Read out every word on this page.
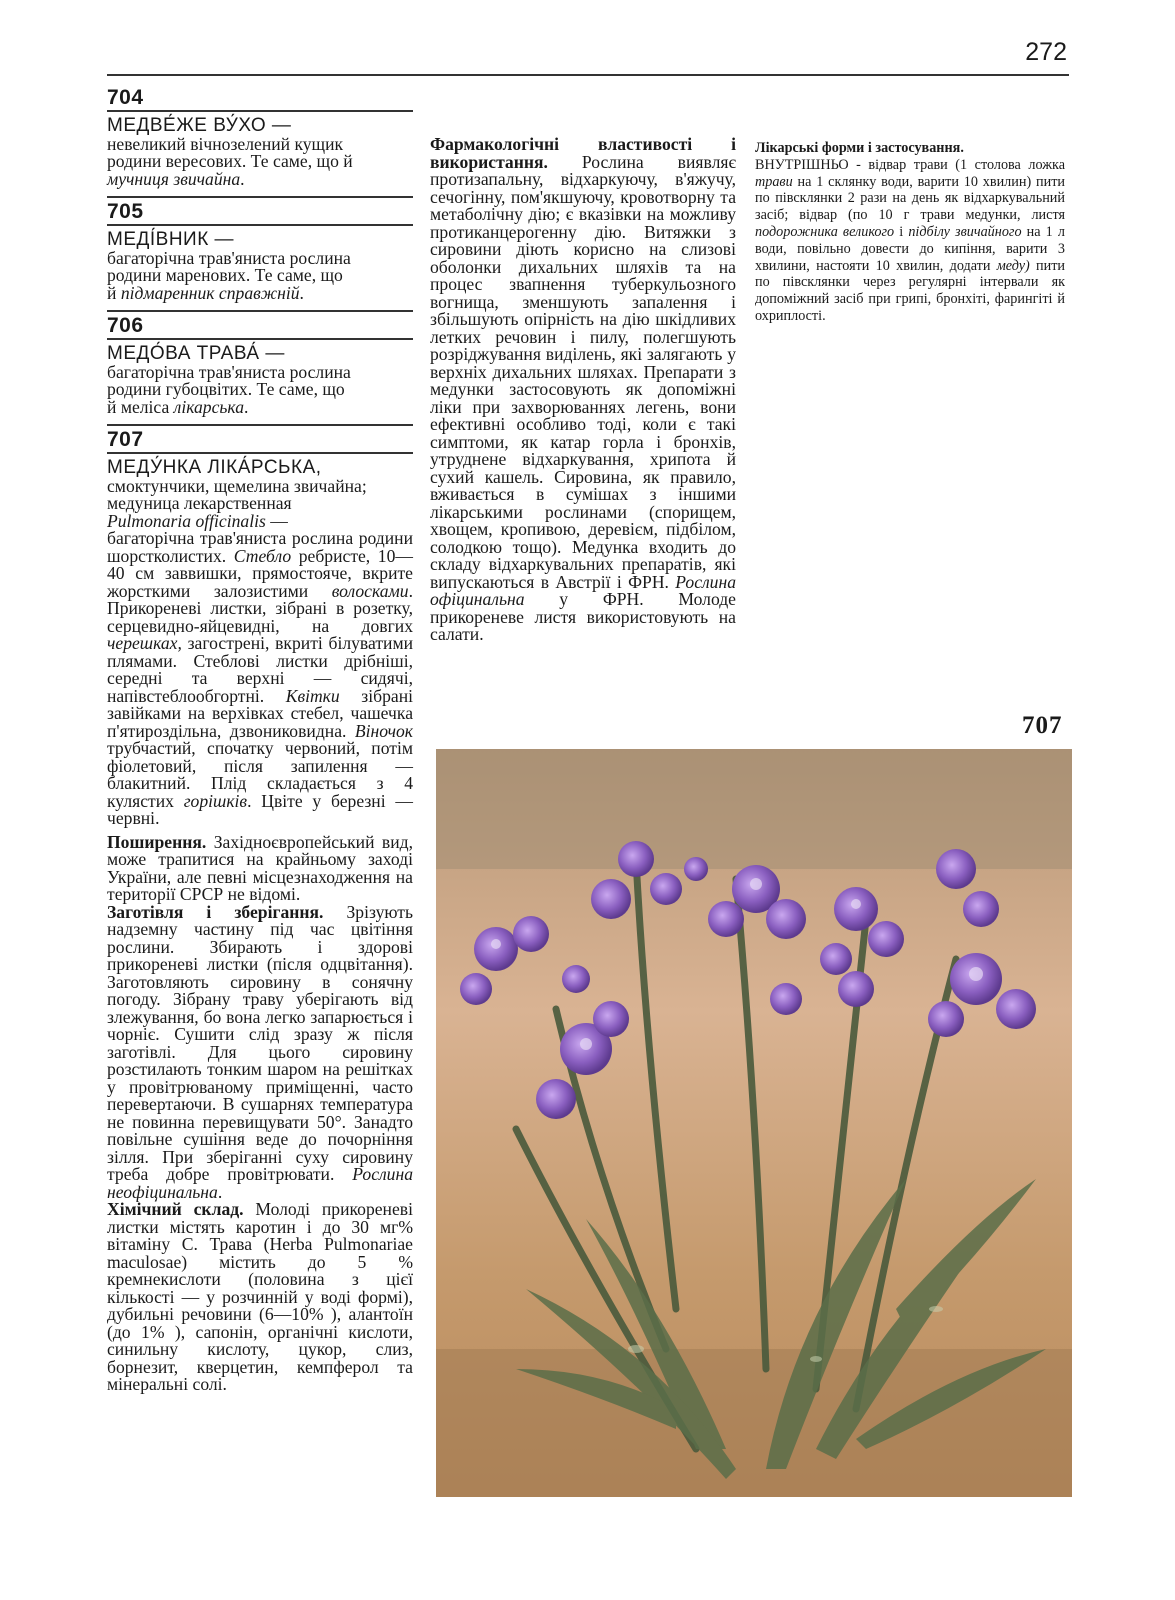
272
704
МЕДВЕ́ЖЕ ВУ́ХО —

невеликий вічнозелений кущик

родини вересових. Те саме, що й

мучниця звичайна.

705
МЕДІ́ВНИК —

багаторічна трав'яниста рослина

родини маренових. Те саме, що

й підмаренник справжній.

706
МЕДО́ВА ТРАВА́ —

багаторічна трав'яниста рослина

родини губоцвітих. Те саме, що

й меліса лікарська.

707
МЕДУ́НКА ЛІКА́РСЬКА,

смоктунчики, щемелина звичайна;

медуница лекарственная

Pulmonaria officinalis —

багаторічна трав'яниста рослина родини шорстколистих. Стебло ребристе, 10—40 см заввишки, прямостояче, вкрите жорсткими залозистими волосками. Прикореневі листки, зібрані в розетку, серцевидно-яйцевидні, на довгих черешках, загострені, вкриті білуватими плямами. Стеблові листки дрібніші, середні та верхні — сидячі, напівстеблообгортні. Квітки зібрані завійками на верхівках стебел, чашечка п'ятироздільна, дзвониковидна. Віночок трубчастий, спочатку червоний, потім фіолетовий, після запилення — блакитний. Плід складається з 4 кулястих горішків. Цвіте у березні — червні.

Поширення. Західноєвропейський вид, може трапитися на крайньому заході України, але певні місцезнаходження на території СРСР не відомі.

Заготівля і зберігання. Зрізують надземну частину під час цвітіння рослини. Збирають і здорові прикореневі листки (після одцвітання). Заготовляють сировину в сонячну погоду. Зібрану траву уберігають від злежування, бо вона легко запарюється і чорніє. Сушити слід зразу ж після заготівлі. Для цього сировину розстилають тонким шаром на решітках у провітрюваному приміщенні, часто перевертаючи. В сушарнях температура не повинна перевищувати 50°. Занадто повільне сушіння веде до почорніння зілля. При зберіганні суху сировину треба добре провітрювати. Рослина неофіцинальна.

Хімічний склад. Молоді прикореневі листки містять каротин і до 30 мг% вітаміну С. Трава (Herba Pulmonariae maculosae) містить до 5 % кремнекислоти (половина з цієї кількості — у розчинній у воді формі), дубильні речовини (6—10% ), алантоїн (до 1% ), сапонін, органічні кислоти, синильну кислоту, цукор, слиз, борнезит, кверцетин, кемпферол та мінеральні солі.

Фармакологічні властивості і використання. Рослина виявляє протизапальну, відхаркуючу, в'яжучу, сечогінну, пом'якшуючу, кровотворну та метаболічну дію; є вказівки на можливу протиканцерогенну дію. Витяжки з сировини діють корисно на слизові оболонки дихальних шляхів та на процес звапнення туберкульозного вогнища, зменшують запалення і збільшують опірність на дію шкідливих летких речовин і пилу, полегшують розріджування виділень, які залягають у верхніх дихальних шляхах. Препарати з медунки застосовують як допоміжні ліки при захворюваннях легень, вони ефективні особливо тоді, коли є такі симптоми, як катар горла і бронхів, утруднене відхаркування, хрипота й сухий кашель. Сировина, як правило, вживається в сумішах з іншими лікарськими рослинами (спорищем, хвощем, кропивою, деревієм, підбілом, солодкою тощо). Медунка входить до складу відхаркувальних препаратів, які випускаються в Австрії і ФРН. Рослина офіцинальна у ФРН. Молоде прикореневе листя використовують на салати.

Лікарські форми і застосування.
ВНУТРІШНЬО - відвар трави (1 столова ложка трави на 1 склянку води, варити 10 хвилин) пити по півсклянки 2 рази на день як відхаркувальний засіб; відвар (по 10 г трави медунки, листя подорожника великого і підбілу звичайного на 1 л води, повільно довести до кипіння, варити 3 хвилини, настояти 10 хвилин, додати меду) пити по півсклянки через регулярні інтервали як допоміжний засіб при грипі, бронхіті, фарингіті й охриплості.

707
